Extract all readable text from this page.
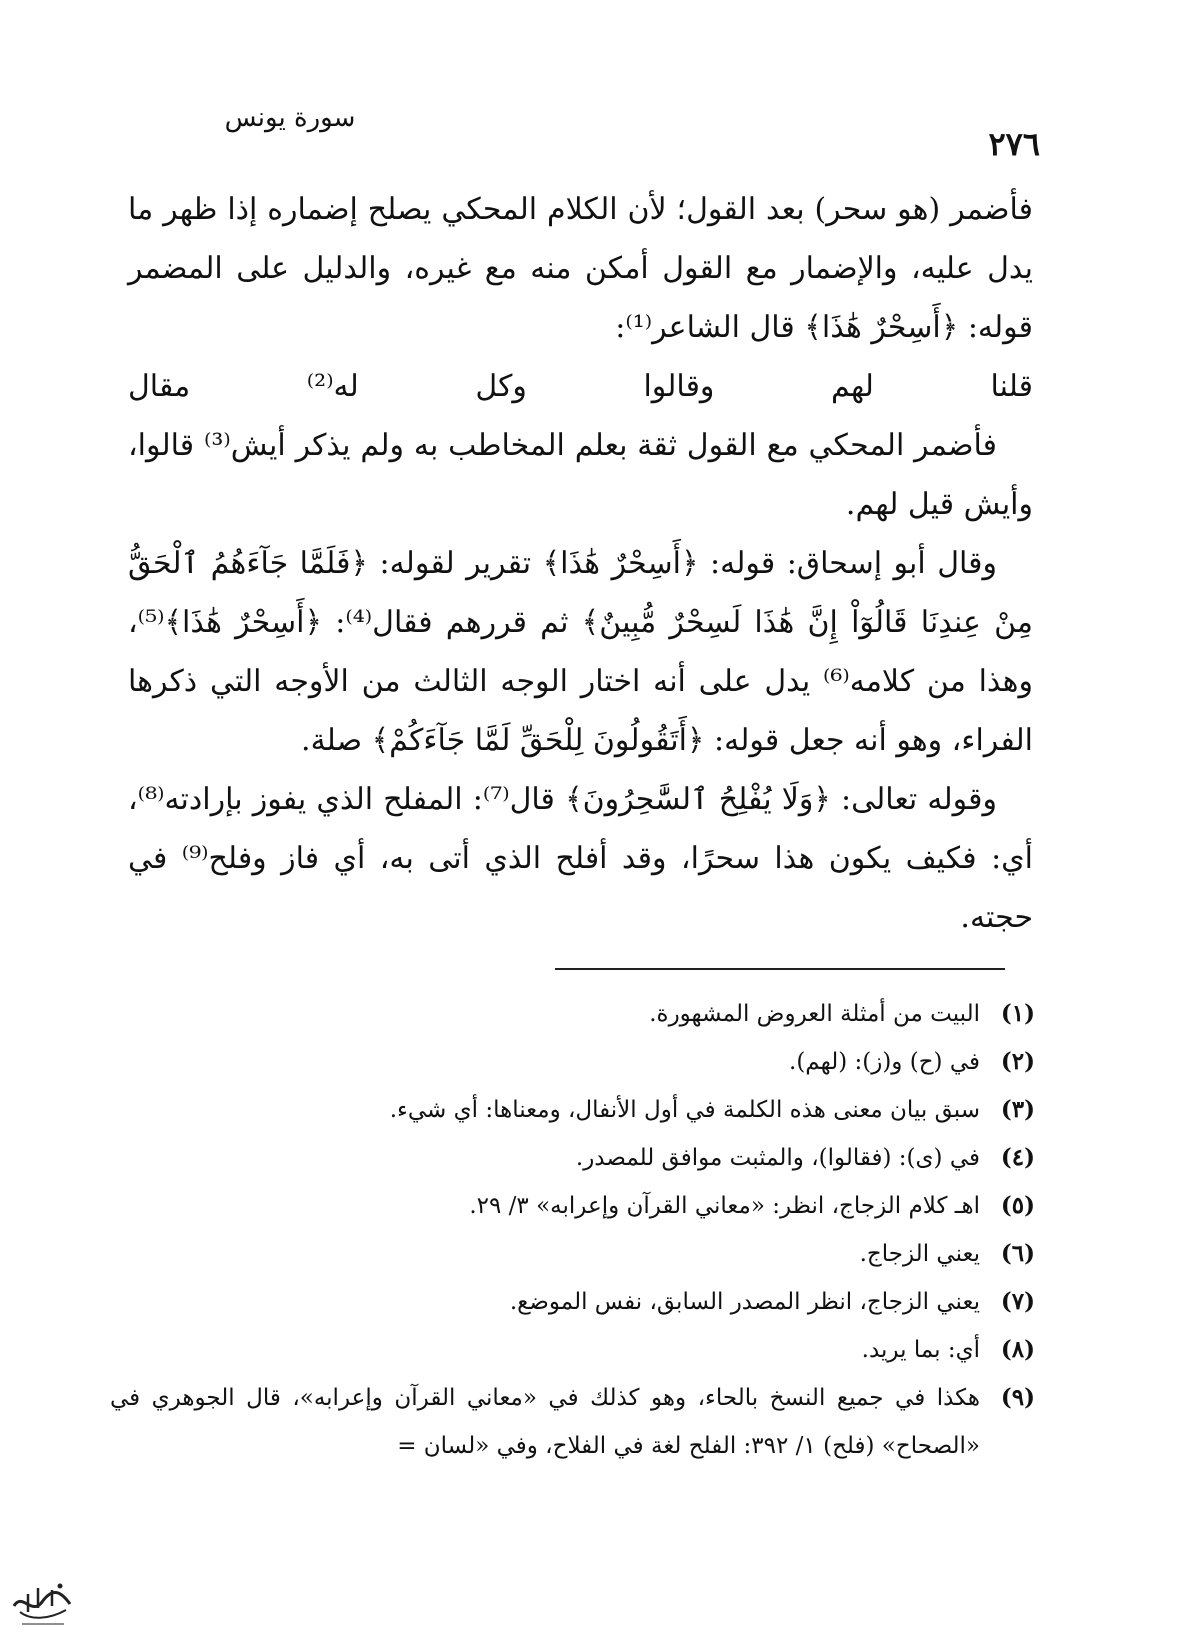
سورة يونس
٢٧٦

فأضمر (هو سحر) بعد القول؛ لأن الكلام المحكي يصلح إضماره إذا ظهر ما يدل عليه، والإضمار مع القول أمكن منه مع غيره، والدليل على المضمر قوله: ﴿أَسِحْرٌ هَٰذَا﴾ قال الشاعر⁽¹⁾:

قلنا لهم وقالوا وكل له⁽²⁾ مقال

فأضمر المحكي مع القول ثقة بعلم المخاطب به ولم يذكر أيش⁽³⁾ قالوا، وأيش قيل لهم.

وقال أبو إسحاق: قوله: ﴿أَسِحْرٌ هَٰذَا﴾ تقرير لقوله: ﴿فَلَمَّا جَآءَهُمُ ٱلْحَقُّ مِنْ عِندِنَا قَالُوٓاْ إِنَّ هَٰذَا لَسِحْرٌ مُّبِينٌ﴾ ثم قررهم فقال⁽⁴⁾: ﴿أَسِحْرٌ هَٰذَا﴾⁽⁵⁾، وهذا من كلامه⁽⁶⁾ يدل على أنه اختار الوجه الثالث من الأوجه التي ذكرها الفراء، وهو أنه جعل قوله: ﴿أَتَقُولُونَ لِلْحَقِّ لَمَّا جَآءَكُمْ﴾ صلة.

وقوله تعالى: ﴿وَلَا يُفْلِحُ ٱلسَّٰحِرُونَ﴾ قال⁽⁷⁾: المفلح الذي يفوز بإرادته⁽⁸⁾، أي: فكيف يكون هذا سحرًا، وقد أفلح الذي أتى به، أي فاز وفلح⁽⁹⁾ في حجته.

(١)
البيت من أمثلة العروض المشهورة.
(٢)
في (ح) و(ز): (لهم).
(٣)
سبق بيان معنى هذه الكلمة في أول الأنفال، ومعناها: أي شيء.
(٤)
في (ى): (فقالوا)، والمثبت موافق للمصدر.
(٥)
اهـ كلام الزجاج، انظر: «معاني القرآن وإعرابه» ٣/ ٢٩.
(٦)
يعني الزجاج.
(٧)
يعني الزجاج، انظر المصدر السابق، نفس الموضع.
(٨)
أي: بما يريد.
(٩)
هكذا في جميع النسخ بالحاء، وهو كذلك في «معاني القرآن وإعرابه»، قال الجوهري في «الصحاح» (فلح) ١/ ٣٩٢: الفلح لغة في الفلاح، وفي «لسان =
